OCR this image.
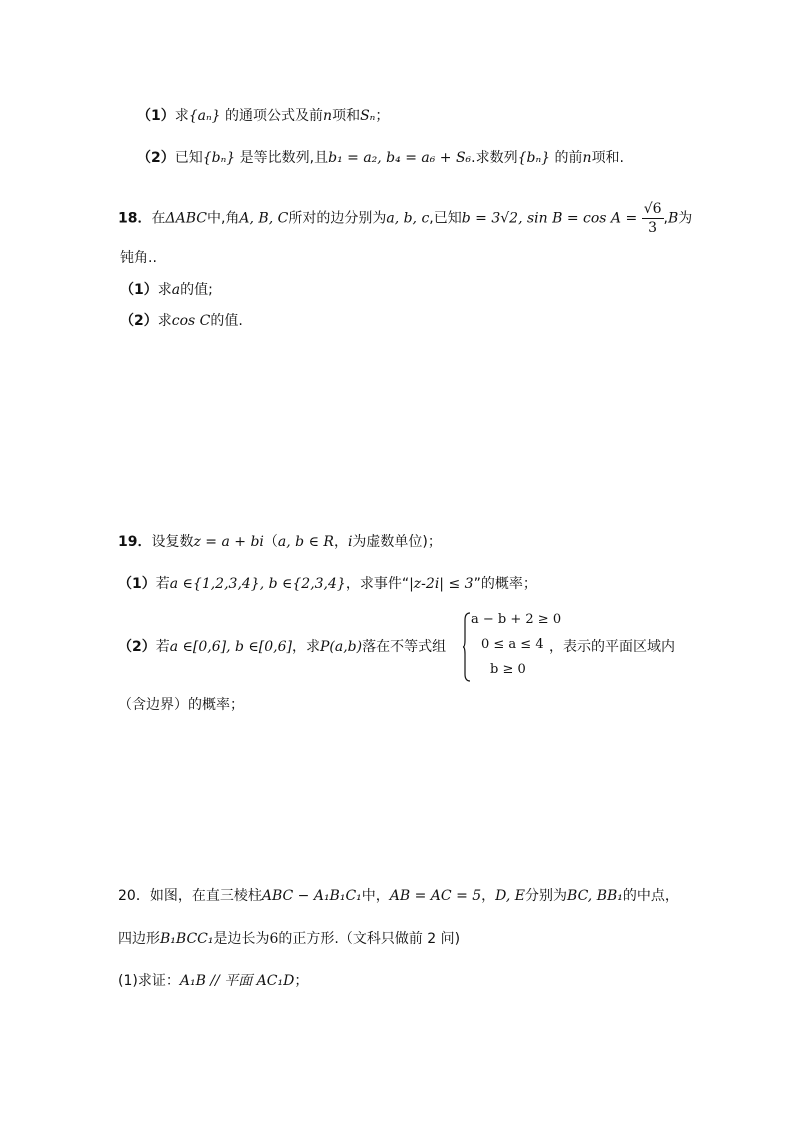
（1）求{aₙ} 的通项公式及前n项和Sₙ；
（2）已知{bₙ} 是等比数列,且b₁ = a₂, b₄ = a₆ + S₆.求数列{bₙ} 的前n项和.
18．在ΔABC中,角A, B, C所对的边分别为a, b, c,已知b = 3√2, $\sin B = \cos A = \frac{√6}{3} ,B$为
钝角..
（1）求a的值;
（2）求cos C的值.
19．设复数z = a + bi（a, b ∈ R，i为虚数单位)；
（1）若a ∈{1,2,3,4}, b ∈{2,3,4}，求事件“|z-2i| ≤ 3”的概率；
（2）若a ∈[0,6], b ∈[0,6]，求P(a,b)落在不等式组
a − b + 2 ≥ 0
0 ≤ a ≤ 4
b ≥ 0
，表示的平面区域内
（含边界）的概率；
20．如图，在直三棱柱ABC − A₁B₁C₁中，AB = AC = 5，D, E分别为BC, BB₁的中点，
四边形B₁BCC₁是边长为6的正方形.（文科只做前 2 问)
(1)求证：A₁B // 平面 AC₁D；
